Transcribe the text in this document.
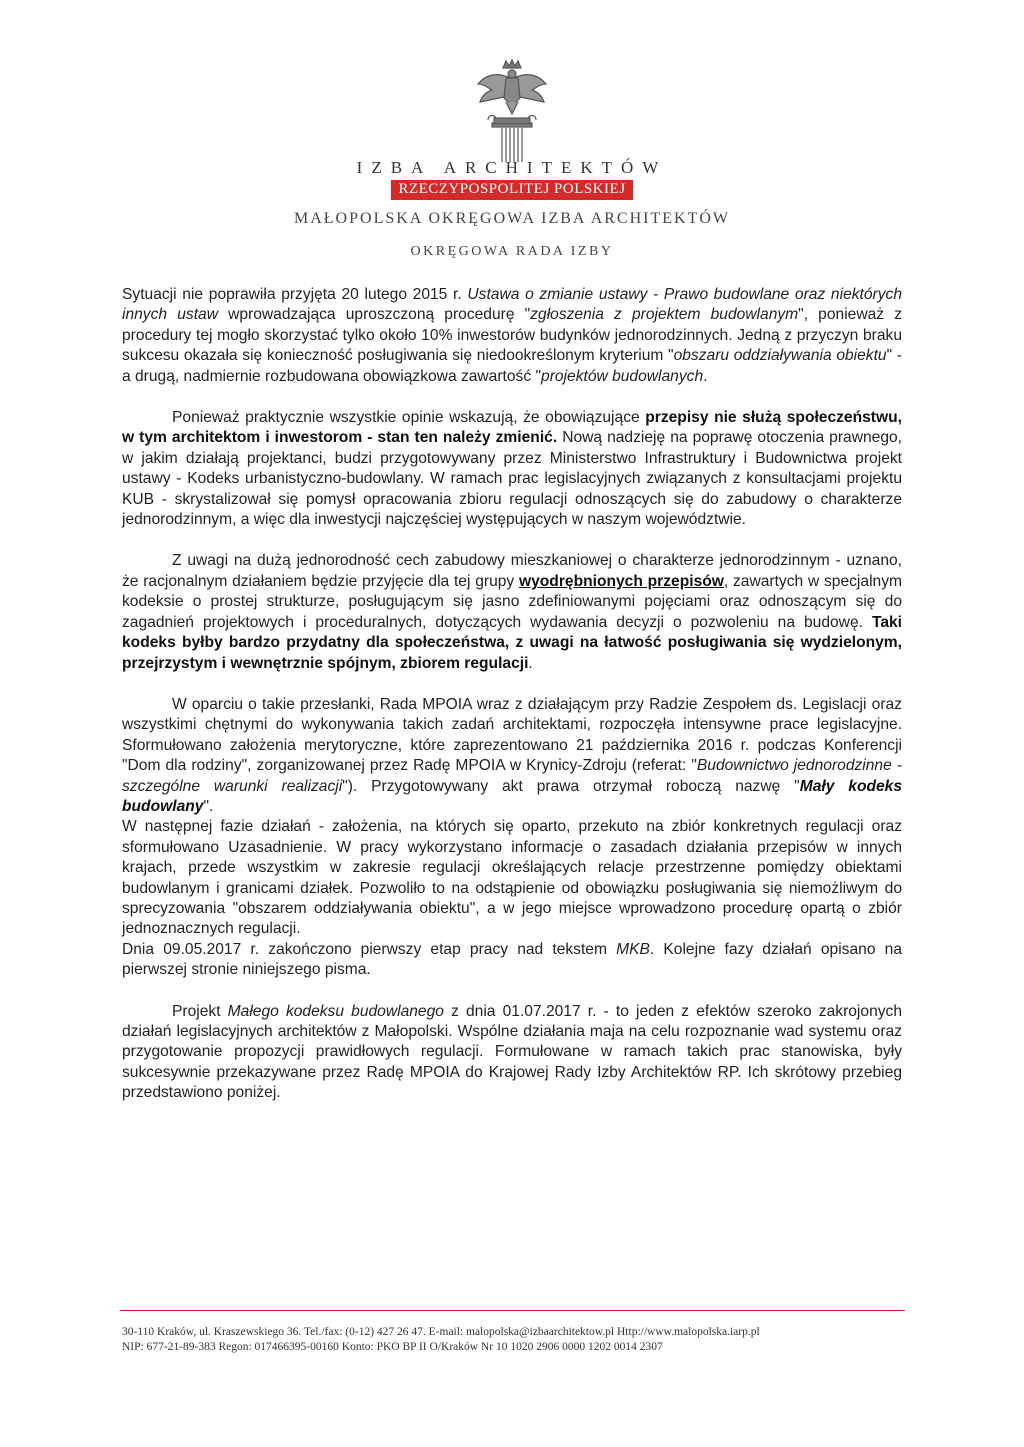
IZBA ARCHITEKTÓW
RZECZYPOSPOLITEJ POLSKIEJ
MAŁOPOLSKA OKRĘGOWA IZBA ARCHITEKTÓW
OKRĘGOWA RADA IZBY

Sytuacji nie poprawiła przyjęta 20 lutego 2015 r. Ustawa o zmianie ustawy - Prawo budowlane oraz niektórych innych ustaw wprowadzająca uproszczoną procedurę "zgłoszenia z projektem budowlanym", ponieważ z procedury tej mogło skorzystać tylko około 10% inwestorów budynków jednorodzinnych. Jedną z przyczyn braku sukcesu okazała się konieczność posługiwania się niedookreślonym kryterium "obszaru oddziaływania obiektu" - a drugą, nadmiernie rozbudowana obowiązkowa zawartość "projektów budowlanych.

Ponieważ praktycznie wszystkie opinie wskazują, że obowiązujące przepisy nie służą społeczeństwu, w tym architektom i inwestorom - stan ten należy zmienić. Nową nadzieję na poprawę otoczenia prawnego, w jakim działają projektanci, budzi przygotowywany przez Ministerstwo Infrastruktury i Budownictwa projekt ustawy - Kodeks urbanistyczno-budowlany. W ramach prac legislacyjnych związanych z konsultacjami projektu KUB - skrystalizował się pomysł opracowania zbioru regulacji odnoszących się do zabudowy o charakterze jednorodzinnym, a więc dla inwestycji najczęściej występujących w naszym województwie.

Z uwagi na dużą jednorodność cech zabudowy mieszkaniowej o charakterze jednorodzinnym - uznano, że racjonalnym działaniem będzie przyjęcie dla tej grupy wyodrębnionych przepisów, zawartych w specjalnym kodeksie o prostej strukturze, posługującym się jasno zdefiniowanymi pojęciami oraz odnoszącym się do zagadnień projektowych i proceduralnych, dotyczących wydawania decyzji o pozwoleniu na budowę. Taki kodeks byłby bardzo przydatny dla społeczeństwa, z uwagi na łatwość posługiwania się wydzielonym, przejrzystym i wewnętrznie spójnym, zbiorem regulacji.

W oparciu o takie przesłanki, Rada MPOIA wraz z działającym przy Radzie Zespołem ds. Legislacji oraz wszystkimi chętnymi do wykonywania takich zadań architektami, rozpoczęła intensywne prace legislacyjne. Sformułowano założenia merytoryczne, które zaprezentowano 21 października 2016 r. podczas Konferencji "Dom dla rodziny", zorganizowanej przez Radę MPOIA w Krynicy-Zdroju (referat: "Budownictwo jednorodzinne - szczególne warunki realizacji"). Przygotowywany akt prawa otrzymał roboczą nazwę "Mały kodeks budowlany".

W następnej fazie działań - założenia, na których się oparto, przekuto na zbiór konkretnych regulacji oraz sformułowano Uzasadnienie. W pracy wykorzystano informacje o zasadach działania przepisów w innych krajach, przede wszystkim w zakresie regulacji określających relacje przestrzenne pomiędzy obiektami budowlanym i granicami działek. Pozwoliło to na odstąpienie od obowiązku posługiwania się niemożliwym do sprecyzowania "obszarem oddziaływania obiektu", a w jego miejsce wprowadzono procedurę opartą o zbiór jednoznacznych regulacji.

Dnia 09.05.2017 r. zakończono pierwszy etap pracy nad tekstem MKB. Kolejne fazy działań opisano na pierwszej stronie niniejszego pisma.

Projekt Małego kodeksu budowlanego z dnia 01.07.2017 r. - to jeden z efektów szeroko zakrojonych działań legislacyjnych architektów z Małopolski. Wspólne działania maja na celu rozpoznanie wad systemu oraz przygotowanie propozycji prawidłowych regulacji. Formułowane w ramach takich prac stanowiska, były sukcesywnie przekazywane przez Radę MPOIA do Krajowej Rady Izby Architektów RP. Ich skrótowy przebieg przedstawiono poniżej.

30-110 Kraków, ul. Kraszewskiego 36. Tel./fax: (0-12) 427 26 47. E-mail: malopolska@izbaarchitektow.pl Http://www.malopolska.iarp.pl

NIP: 677-21-89-383 Regon: 017466395-00160 Konto: PKO BP II O/Kraków Nr 10 1020 2906 0000 1202 0014 2307
